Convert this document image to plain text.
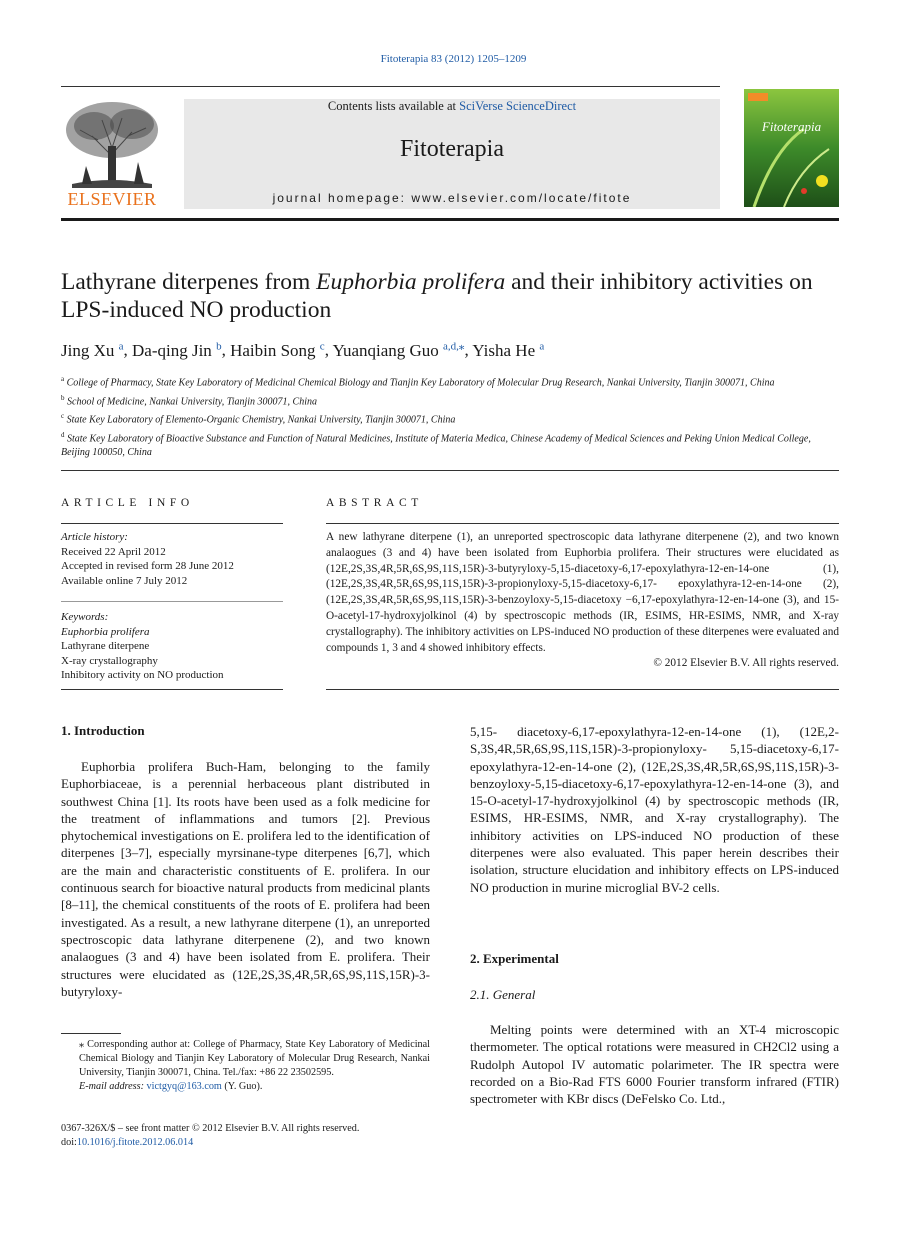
Fitoterapia 83 (2012) 1205–1209
ELSEVIER
Contents lists available at SciVerse ScienceDirect
Fitoterapia
journal homepage: www.elsevier.com/locate/fitote
Fitoterapia
Lathyrane diterpenes from Euphorbia prolifera and their inhibitory activities on LPS-induced NO production
Jing Xu $^a$, Da-qing Jin $^b$, Haibin Song $^c$, Yuanqiang Guo $^{a,d,⁎}$, Yisha He $^a$
$^a$ College of Pharmacy, State Key Laboratory of Medicinal Chemical Biology and Tianjin Key Laboratory of Molecular Drug Research, Nankai University, Tianjin 300071, China
$^b$ School of Medicine, Nankai University, Tianjin 300071, China
$^c$ State Key Laboratory of Elemento-Organic Chemistry, Nankai University, Tianjin 300071, China
$^d$ State Key Laboratory of Bioactive Substance and Function of Natural Medicines, Institute of Materia Medica, Chinese Academy of Medical Sciences and Peking Union Medical College, Beijing 100050, China
ARTICLE INFO	ABSTRACT
Article history:
Received 22 April 2012
Accepted in revised form 28 June 2012
Available online 7 July 2012
Keywords:
Euphorbia prolifera
Lathyrane diterpene
X-ray crystallography
Inhibitory activity on NO production
A new lathyrane diterpene (1), an unreported spectroscopic data lathyrane diterpenene (2), and two known analaogues (3 and 4) have been isolated from Euphorbia prolifera. Their structures were elucidated as (12E,2S,3S,4R,5R,6S,9S,11S,15R)-3-butyryloxy-5,15-diacetoxy-6,17-epoxylathyra-12-en-14-one (1), (12E,2S,3S,4R,5R,6S,9S,11S,15R)-3-propionyloxy-5,15-diacetoxy-6,17- epoxylathyra-12-en-14-one (2), (12E,2S,3S,4R,5R,6S,9S,11S,15R)-3-benzoyloxy-5,15-diacetoxy −6,17-epoxylathyra-12-en-14-one (3), and 15-O-acetyl-17-hydroxyjolkinol (4) by spectroscopic methods (IR, ESIMS, HR-ESIMS, NMR, and X-ray crystallography). The inhibitory activities on LPS-induced NO production of these diterpenes were evaluated and compounds 1, 3 and 4 showed inhibitory effects.
© 2012 Elsevier B.V. All rights reserved.
1. Introduction
Euphorbia prolifera Buch-Ham, belonging to the family Euphorbiaceae, is a perennial herbaceous plant distributed in southwest China [1]. Its roots have been used as a folk medicine for the treatment of inflammations and tumors [2]. Previous phytochemical investigations on E. prolifera led to the identification of diterpenes [3–7], especially myrsinane-type diterpenes [6,7], which are the main and characteristic constituents of E. prolifera. In our continuous search for bioactive natural products from medicinal plants [8–11], the chemical constituents of the roots of E. prolifera had been investigated. As a result, a new lathyrane diterpene (1), an unreported spectroscopic data lathyrane diterpenene (2), and two known analaogues (3 and 4) have been isolated from E. prolifera. Their structures were elucidated as (12E,2S,3S,4R,5R,6S,9S,11S,15R)-3-butyryloxy-
5,15- diacetoxy-6,17-epoxylathyra-12-en-14-one (1), (12E,2-S,3S,4R,5R,6S,9S,11S,15R)-3-propionyloxy- 5,15-diacetoxy-6,17-epoxylathyra-12-en-14-one (2), (12E,2S,3S,4R,5R,6S,9S,11S,15R)-3- benzoyloxy-5,15-diacetoxy-6,17-epoxylathyra-12-en-14-one (3), and 15-O-acetyl-17-hydroxyjolkinol (4) by spectroscopic methods (IR, ESIMS, HR-ESIMS, NMR, and X-ray crystallography). The inhibitory activities on LPS-induced NO production of these diterpenes were also evaluated. This paper herein describes their isolation, structure elucidation and inhibitory effects on LPS-induced NO production in murine microglial BV-2 cells.
2. Experimental
2.1. General
Melting points were determined with an XT-4 microscopic thermometer. The optical rotations were measured in CH2Cl2 using a Rudolph Autopol IV automatic polarimeter. The IR spectra were recorded on a Bio-Rad FTS 6000 Fourier transform infrared (FTIR) spectrometer with KBr discs (DeFelsko Co. Ltd.,
⁎ Corresponding author at: College of Pharmacy, State Key Laboratory of Medicinal Chemical Biology and Tianjin Key Laboratory of Molecular Drug Research, Nankai University, Tianjin 300071, China. Tel./fax: +86 22 23502595.
E-mail address: victgyq@163.com (Y. Guo).
0367-326X/$ – see front matter © 2012 Elsevier B.V. All rights reserved.
doi:10.1016/j.fitote.2012.06.014
